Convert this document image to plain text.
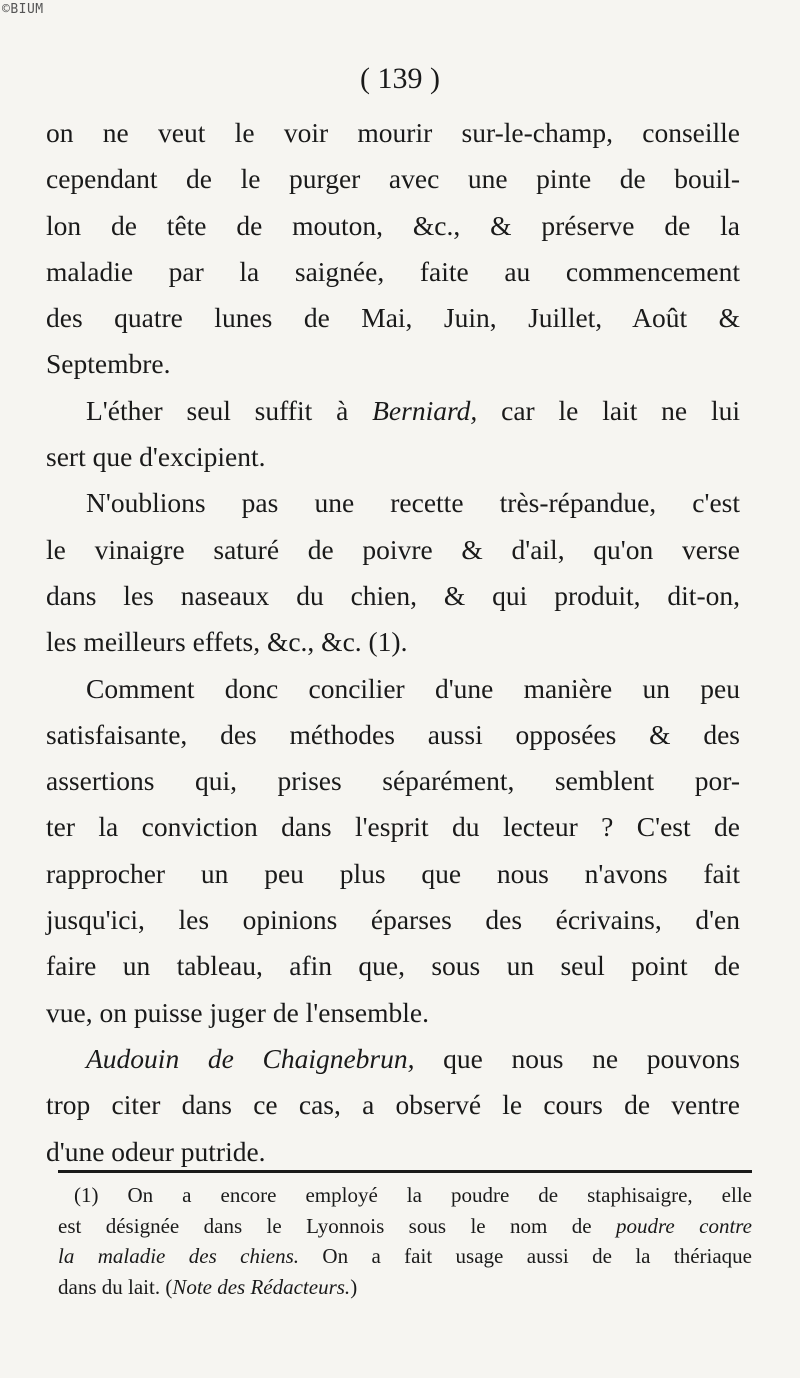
©BIUM
( 139 )
on ne veut le voir mourir sur-le-champ, conseille
cependant de le purger avec une pinte de bouil-
lon de tête de mouton, &c., & préserve de la
maladie par la saignée, faite au commencement
des quatre lunes de Mai, Juin, Juillet, Août &
Septembre.
L'éther seul suffit à Berniard, car le lait ne lui
sert que d'excipient.
N'oublions pas une recette très-répandue, c'est
le vinaigre saturé de poivre & d'ail, qu'on verse
dans les naseaux du chien, & qui produit, dit-on,
les meilleurs effets, &c., &c. (1).
Comment donc concilier d'une manière un peu
satisfaisante, des méthodes aussi opposées & des
assertions qui, prises séparément, semblent por-
ter la conviction dans l'esprit du lecteur ? C'est de
rapprocher un peu plus que nous n'avons fait
jusqu'ici, les opinions éparses des écrivains, d'en
faire un tableau, afin que, sous un seul point de
vue, on puisse juger de l'ensemble.
Audouin de Chaignebrun, que nous ne pouvons
trop citer dans ce cas, a observé le cours de ventre
d'une odeur putride.
(1) On a encore employé la poudre de staphisaigre, elle
est désignée dans le Lyonnois sous le nom de poudre contre
la maladie des chiens. On a fait usage aussi de la thériaque
dans du lait. (Note des Rédacteurs.)
